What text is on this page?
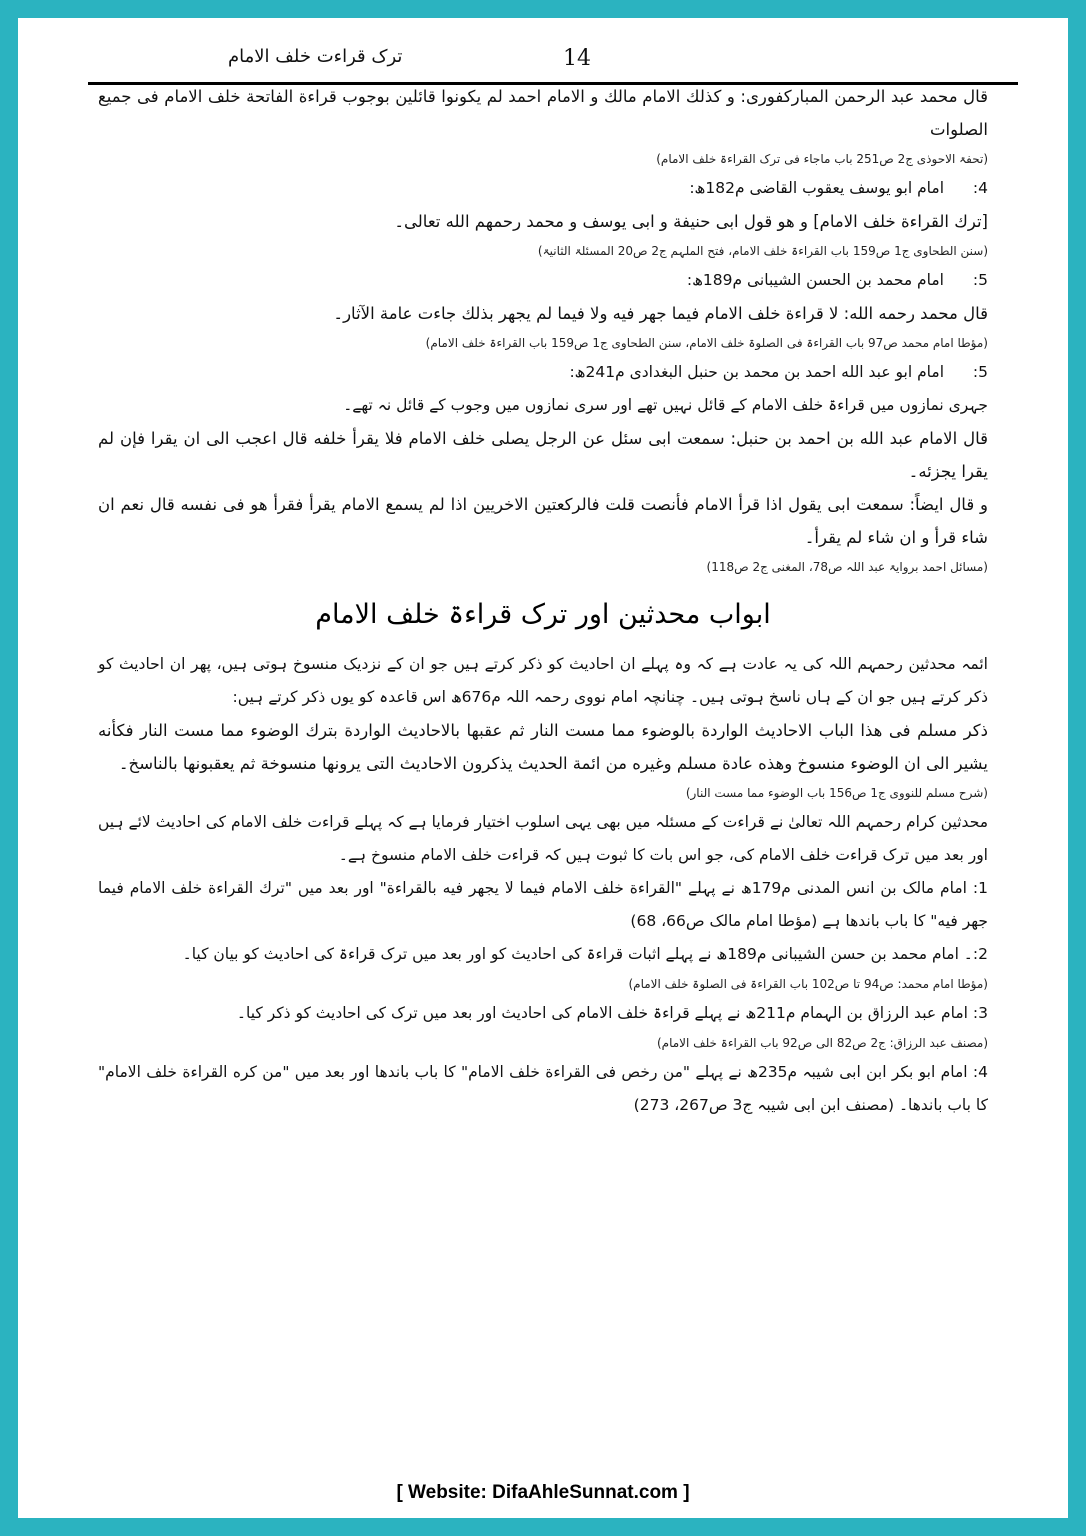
ترک قراءت خلف الامام	14

قال محمد عبد الرحمن المبارکفوری: و کذلك الامام مالك و الامام احمد لم یکونوا قائلین بوجوب قراءة الفاتحة خلف الامام فی جمیع الصلوات

(تحفۃ الاحوذی ج2 ص251 باب ماجاء فی ترک القراءۃ خلف الامام)

4:امام ابو یوسف یعقوب القاضی م182ھ:

[ترك القراءة خلف الامام] و هو قول ابی حنیفة و ابی یوسف و محمد رحمهم الله تعالی۔

(سنن الطحاوی ج1 ص159 باب القراءۃ خلف الامام، فتح الملہم ج2 ص20 المسئلۃ الثانیۃ)

5:امام محمد بن الحسن الشیبانی م189ھ:

قال محمد رحمه الله: لا قراءة خلف الامام فیما جهر فیه ولا فیما لم یجهر بذلك جاءت عامة الآثار۔

(مؤطا امام محمد ص97 باب القراءۃ فی الصلوۃ خلف الامام، سنن الطحاوی ج1 ص159 باب القراءۃ خلف الامام)

5:امام ابو عبد الله احمد بن محمد بن حنبل البغدادی م241ھ:

جہری نمازوں میں قراءۃ خلف الامام کے قائل نہیں تھے اور سری نمازوں میں وجوب کے قائل نہ تھے۔

قال الامام عبد الله بن احمد بن حنبل: سمعت ابی سئل عن الرجل یصلی خلف الامام فلا یقرأ خلفه قال اعجب الی ان یقرا فإن لم یقرا یجزئه۔

و قال ایضاً: سمعت ابی یقول اذا قرأ الامام فأنصت قلت فالرکعتین الاخریین اذا لم یسمع الامام یقرأ فقرأ هو فی نفسه قال نعم ان شاء قرأ و ان شاء لم یقرأ۔

(مسائل احمد بروایۃ عبد اللہ ص78، المغنی ج2 ص118)

ابواب محدثین اور ترک قراءۃ خلف الامام

ائمہ محدثین رحمہم اللہ کی یہ عادت ہے کہ وہ پہلے ان احادیث کو ذکر کرتے ہیں جو ان کے نزدیک منسوخ ہوتی ہیں، پھر ان احادیث کو ذکر کرتے ہیں جو ان کے ہاں ناسخ ہوتی ہیں۔ چنانچہ امام نووی رحمہ اللہ م676ھ اس قاعدہ کو یوں ذکر کرتے ہیں:

ذکر مسلم فی هذا الباب الاحادیث الواردة بالوضوء مما مست النار ثم عقبها بالاحادیث الواردة بترك الوضوء مما مست النار فكأنه یشیر الی ان الوضوء منسوخ وهذه عادة مسلم وغیره من ائمة الحدیث یذکرون الاحادیث التی یرونها منسوخة ثم یعقبونها بالناسخ۔

(شرح مسلم للنووی ج1 ص156 باب الوضوء مما مست النار)

محدثین کرام رحمہم اللہ تعالیٰ نے قراءت کے مسئلہ میں بھی یہی اسلوب اختیار فرمایا ہے کہ پہلے قراءت خلف الامام کی احادیث لائے ہیں اور بعد میں ترک قراءت خلف الامام کی، جو اس بات کا ثبوت ہیں کہ قراءت خلف الامام منسوخ ہے۔

1: امام مالک بن انس المدنی م179ھ نے پہلے "القراءة خلف الامام فیما لا یجهر فیه بالقراءة" اور بعد میں "ترك القراءة خلف الامام فیما جهر فیه" کا باب باندھا ہے (مؤطا امام مالک ص66، 68)

2:۔ امام محمد بن حسن الشیبانی م189ھ نے پہلے اثبات قراءۃ کی احادیث کو اور بعد میں ترک قراءۃ کی احادیث کو بیان کیا۔

(مؤطا امام محمد: ص94 تا ص102 باب القراءۃ فی الصلوۃ خلف الامام)

3: امام عبد الرزاق بن الہمام م211ھ نے پہلے قراءۃ خلف الامام کی احادیث اور بعد میں ترک کی احادیث کو ذکر کیا۔

(مصنف عبد الرزاق: ج2 ص82 الی ص92 باب القراءۃ خلف الامام)

4: امام ابو بکر ابن ابی شیبہ م235ھ نے پہلے "من رخص فی القراءة خلف الامام" کا باب باندھا اور بعد میں "من کره القراءة خلف الامام" کا باب باندھا۔ (مصنف ابن ابی شیبہ ج3 ص267، 273)

[ Website: DifaAhleSunnat.com ]
